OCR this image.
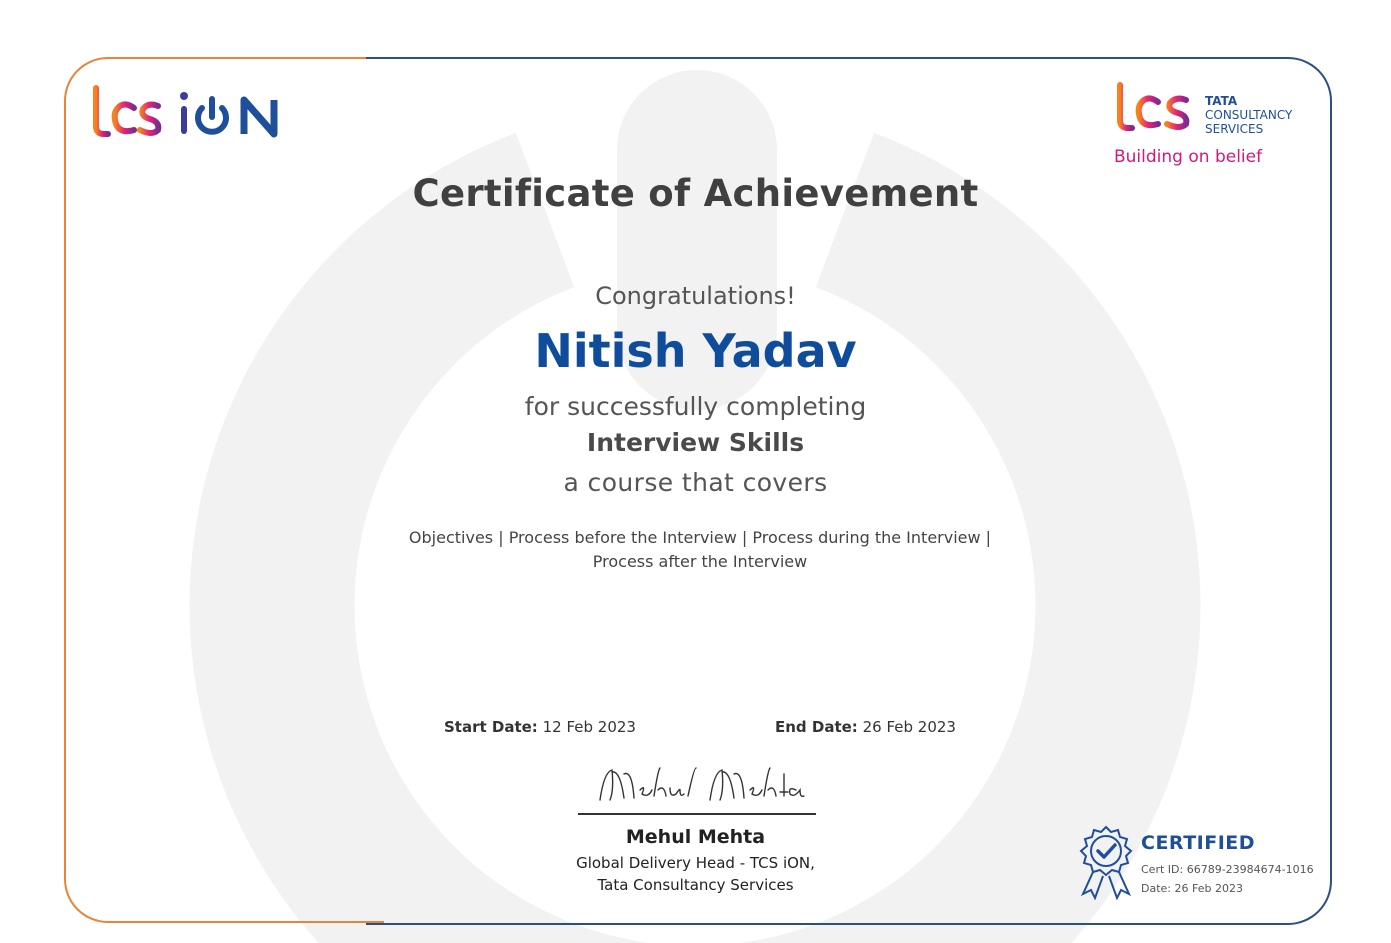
TATA
CONSULTANCY
SERVICES
Building on belief
Certificate of Achievement
Congratulations!
Nitish Yadav
for successfully completing
Interview Skills
a course that covers
Objectives | Process before the Interview | Process during the Interview |
Process after the Interview
Start Date: 12 Feb 2023	End Date: 26 Feb 2023
Mehul Mehta
Global Delivery Head - TCS iON,
Tata Consultancy Services
CERTIFIED
Cert ID: 66789-23984674-1016
Date: 26 Feb 2023
